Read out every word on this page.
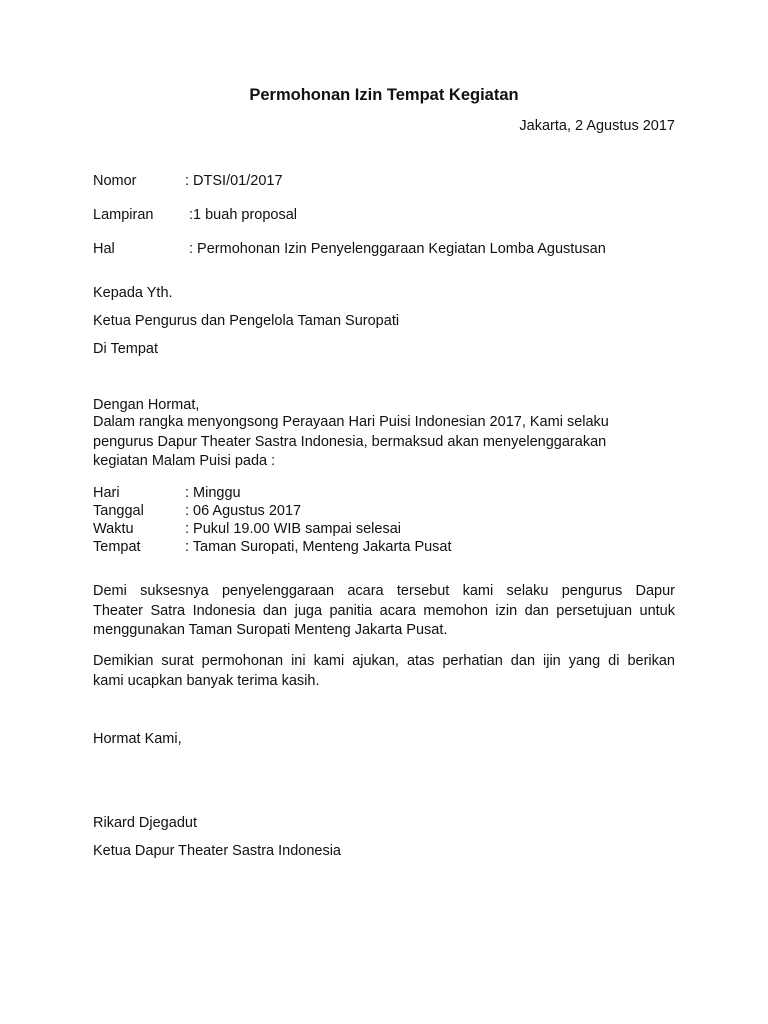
Permohonan Izin Tempat Kegiatan
Jakarta, 2 Agustus 2017
Nomor	: DTSI/01/2017
Lampiran :1 buah proposal
Hal	: Permohonan Izin Penyelenggaraan Kegiatan Lomba Agustusan
Kepada Yth.
Ketua Pengurus dan Pengelola Taman Suropati
Di Tempat
Dengan Hormat,
Dalam rangka menyongsong Perayaan Hari Puisi Indonesian 2017, Kami selaku
pengurus Dapur Theater Sastra Indonesia, bermaksud akan menyelenggarakan
kegiatan Malam Puisi pada :
Hari	: Minggu
Tanggal	: 06 Agustus 2017
Waktu	: Pukul 19.00 WIB sampai selesai
Tempat	: Taman Suropati, Menteng Jakarta Pusat
Demi suksesnya penyelenggaraan acara tersebut kami selaku pengurus Dapur
Theater Satra Indonesia dan juga panitia acara memohon izin dan persetujuan untuk
menggunakan Taman Suropati Menteng Jakarta Pusat.
Demikian surat permohonan ini kami ajukan, atas perhatian dan ijin yang di berikan
kami ucapkan banyak terima kasih.
Hormat Kami,
Rikard Djegadut
Ketua Dapur Theater Sastra Indonesia
